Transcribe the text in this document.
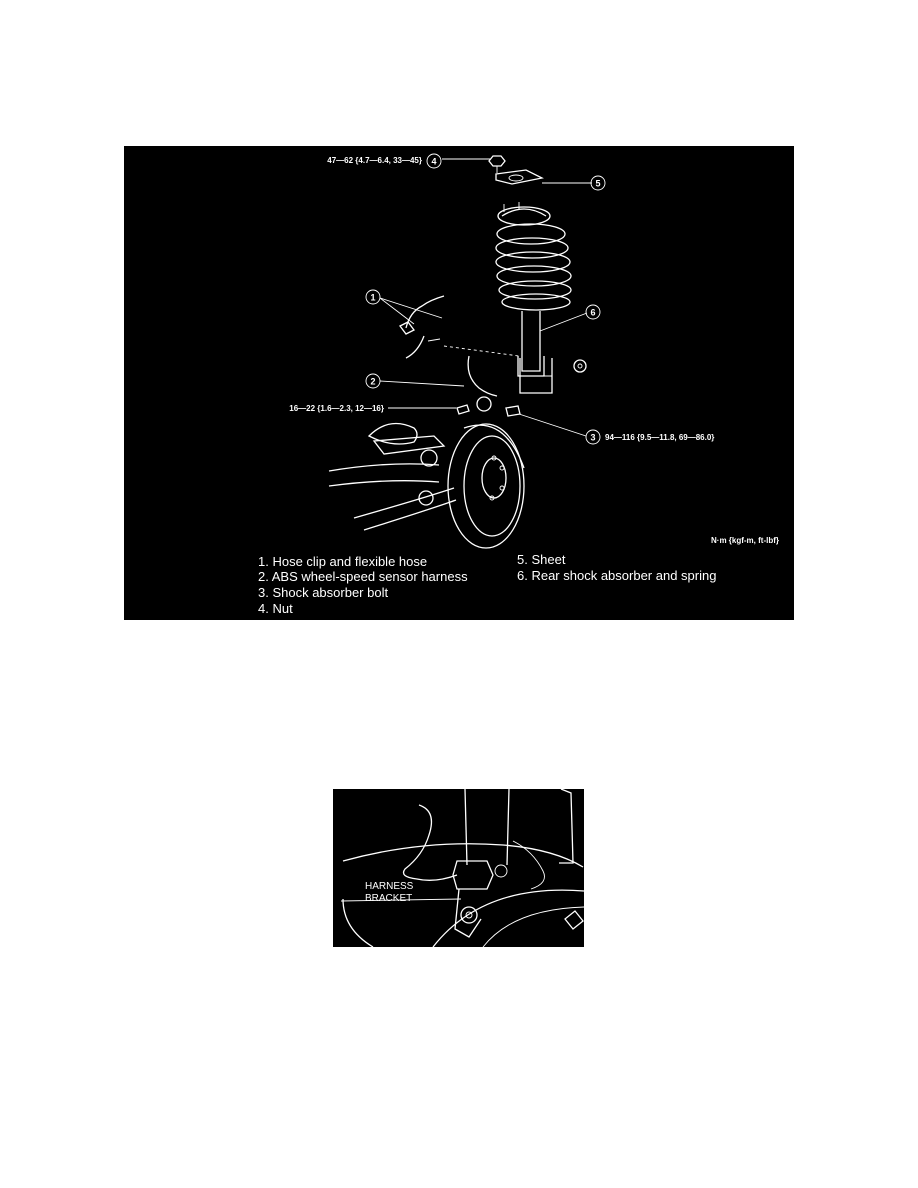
4
5
1
6
2
3
47—62 {4.7—6.4, 33—45}
16—22 {1.6—2.3, 12—16}
94—116 {9.5—11.8, 69—86.0}
N·m {kgf-m, ft-lbf}
1. Hose clip and flexible hose
2. ABS wheel-speed sensor harness
3. Shock absorber bolt
4. Nut
5. Sheet
6. Rear shock absorber and spring
HARNESS
BRACKET
